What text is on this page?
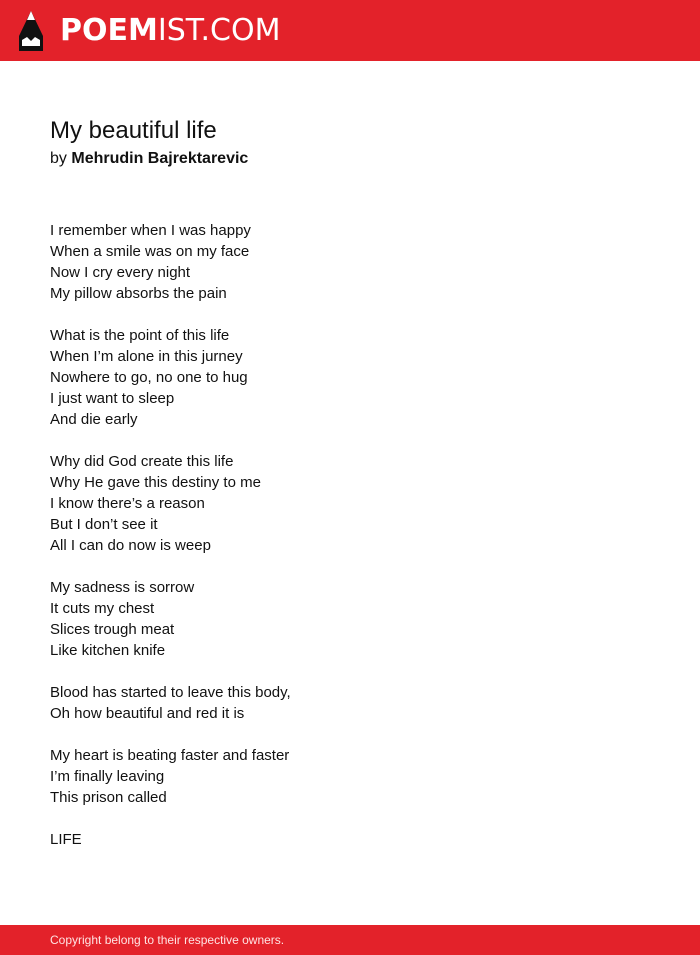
POEM IST.COM
My beautiful life
by Mehrudin Bajrektarevic
I remember when I was happy
When a smile was on my face
Now I cry every night
My pillow absorbs the pain
What is the point of this life
When I’m alone in this jurney
Nowhere to go, no one to hug
I just want to sleep
And die early
Why did God create this life
Why He gave this destiny to me
I know there’s a reason
But I don’t see it
All I can do now is weep
My sadness is sorrow
It cuts my chest
Slices trough meat
Like kitchen knife
Blood has started to leave this body,
Oh how beautiful and red it is
My heart is beating faster and faster
I’m finally leaving
This prison called
LIFE
Copyright belong to their respective owners.
